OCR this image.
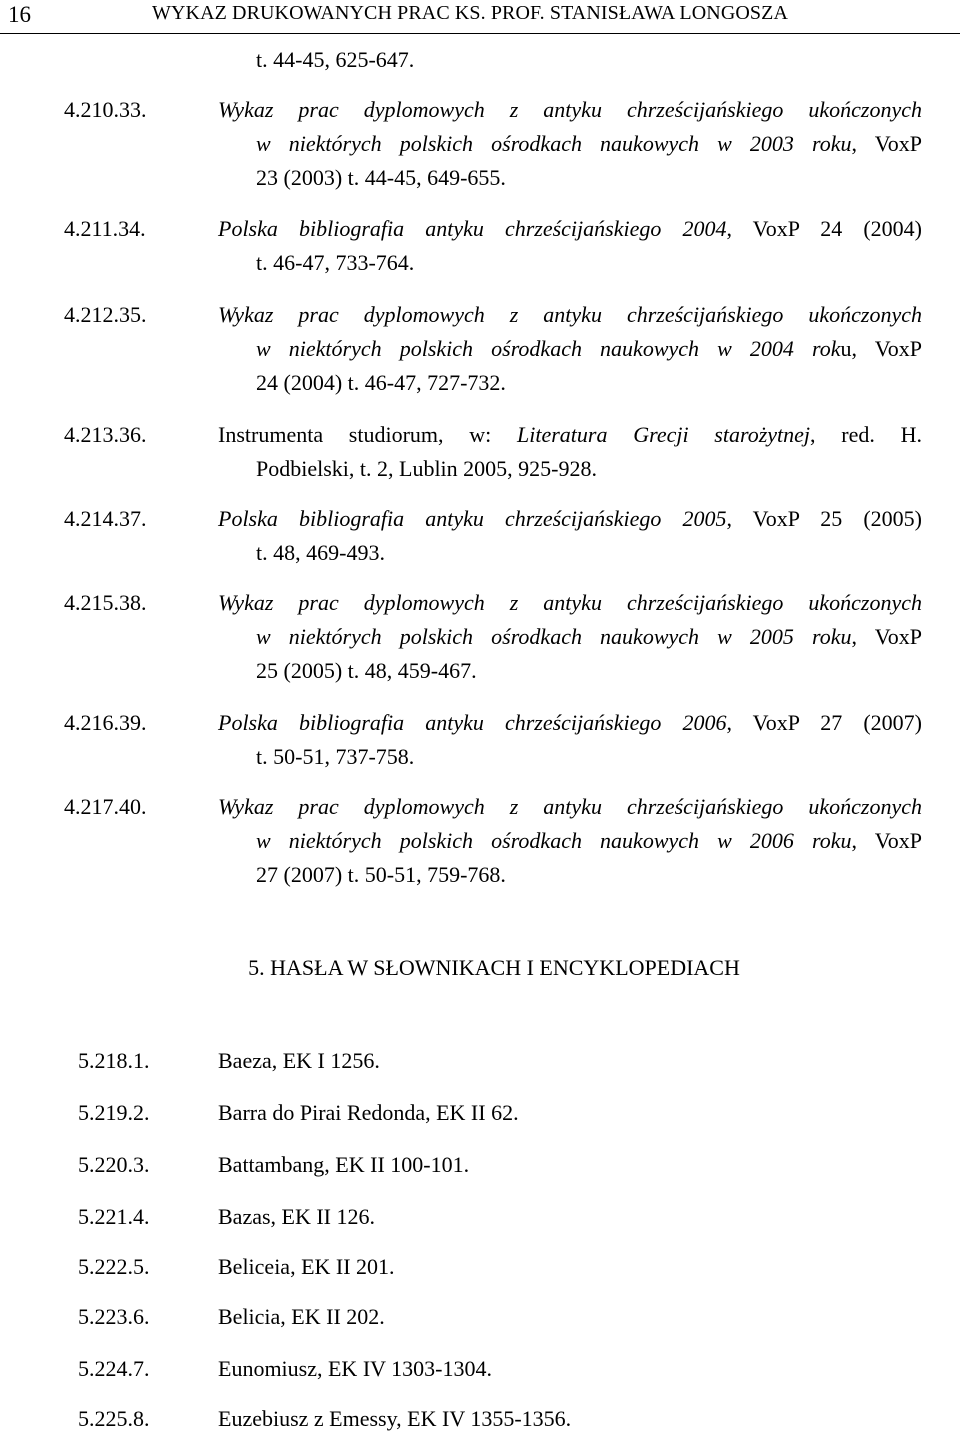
16	WYKAZ DRUKOWANYCH PRAC KS. PROF. STANISŁAWA LONGOSZA
t. 44-45, 625-647.
4.210.33.	Wykaz prac dyplomowych z antyku chrześcijańskiego ukończonych
w niektórych polskich ośrodkach naukowych w 2003 roku, VoxP
23 (2003) t. 44-45, 649-655.
4.211.34.	Polska bibliografia antyku chrześcijańskiego 2004, VoxP 24 (2004)
t. 46-47, 733-764.
4.212.35.	Wykaz prac dyplomowych z antyku chrześcijańskiego ukończonych
w niektórych polskich ośrodkach naukowych w 2004 roku, VoxP
24 (2004) t. 46-47, 727-732.
4.213.36.	Instrumenta studiorum, w: Literatura Grecji starożytnej, red. H.
Podbielski, t. 2, Lublin 2005, 925-928.
4.214.37.	Polska bibliografia antyku chrześcijańskiego 2005, VoxP 25 (2005)
t. 48, 469-493.
4.215.38.	Wykaz prac dyplomowych z antyku chrześcijańskiego ukończonych
w niektórych polskich ośrodkach naukowych w 2005 roku, VoxP
25 (2005) t. 48, 459-467.
4.216.39.	Polska bibliografia antyku chrześcijańskiego 2006, VoxP 27 (2007)
t. 50-51, 737-758.
4.217.40.	Wykaz prac dyplomowych z antyku chrześcijańskiego ukończonych
w niektórych polskich ośrodkach naukowych w 2006 roku, VoxP
27 (2007) t. 50-51, 759-768.
5. HASŁA W SŁOWNIKACH I ENCYKLOPEDIACH
5.218.1.	Baeza, EK I 1256.
5.219.2.	Barra do Pirai Redonda, EK II 62.
5.220.3.	Battambang, EK II 100-101.
5.221.4.	Bazas, EK II 126.
5.222.5.	Beliceia, EK II 201.
5.223.6.	Belicia, EK II 202.
5.224.7.	Eunomiusz, EK IV 1303-1304.
5.225.8.	Euzebiusz z Emessy, EK IV 1355-1356.
